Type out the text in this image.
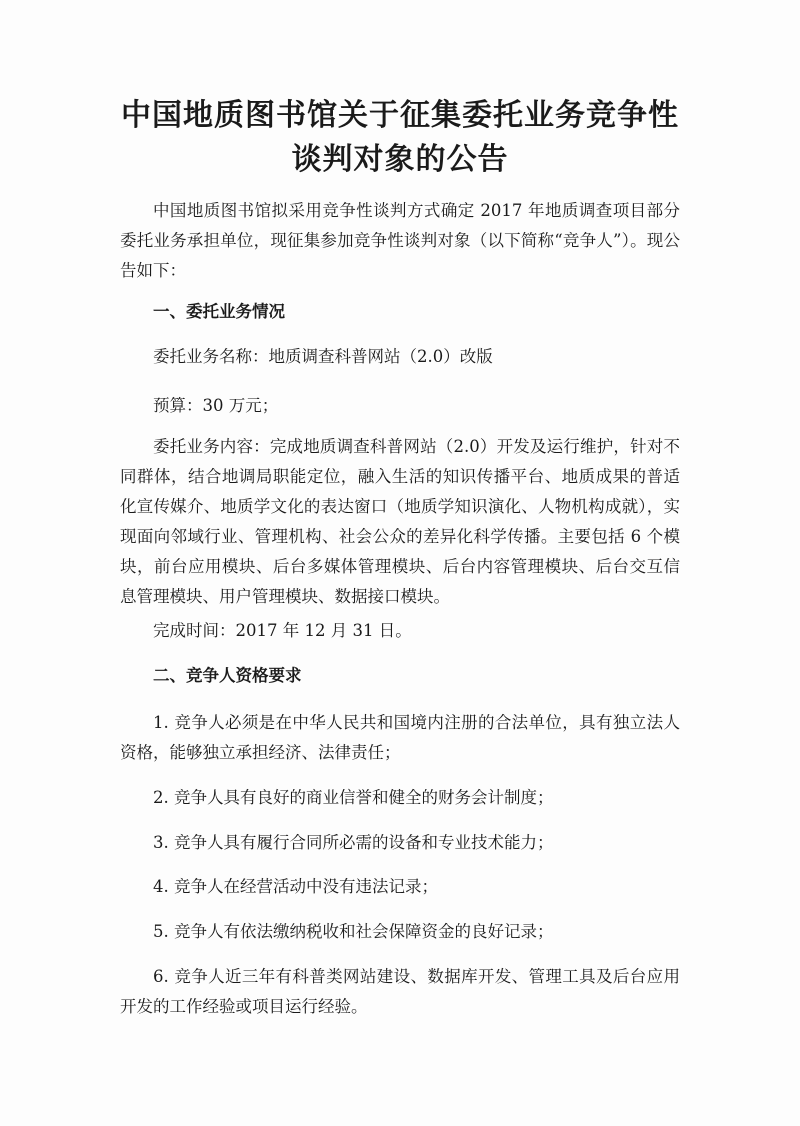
中国地质图书馆关于征集委托业务竞争性
谈判对象的公告
中国地质图书馆拟采用竞争性谈判方式确定 2017 年地质调查项目部分委托业务承担单位，现征集参加竞争性谈判对象（以下简称“竞争人”）。现公告如下：
一、委托业务情况
委托业务名称：地质调查科普网站（2.0）改版
预算：30 万元；
委托业务内容：完成地质调查科普网站（2.0）开发及运行维护，针对不同群体，结合地调局职能定位，融入生活的知识传播平台、地质成果的普适化宣传媒介、地质学文化的表达窗口（地质学知识演化、人物机构成就），实现面向邻域行业、管理机构、社会公众的差异化科学传播。主要包括 6 个模块，前台应用模块、后台多媒体管理模块、后台内容管理模块、后台交互信息管理模块、用户管理模块、数据接口模块。
完成时间：2017 年 12 月 31 日。
二、竞争人资格要求
1. 竞争人必须是在中华人民共和国境内注册的合法单位，具有独立法人资格，能够独立承担经济、法律责任；
2. 竞争人具有良好的商业信誉和健全的财务会计制度；
3. 竞争人具有履行合同所必需的设备和专业技术能力；
4. 竞争人在经营活动中没有违法记录；
5. 竞争人有依法缴纳税收和社会保障资金的良好记录；
6. 竞争人近三年有科普类网站建设、数据库开发、管理工具及后台应用开发的工作经验或项目运行经验。
